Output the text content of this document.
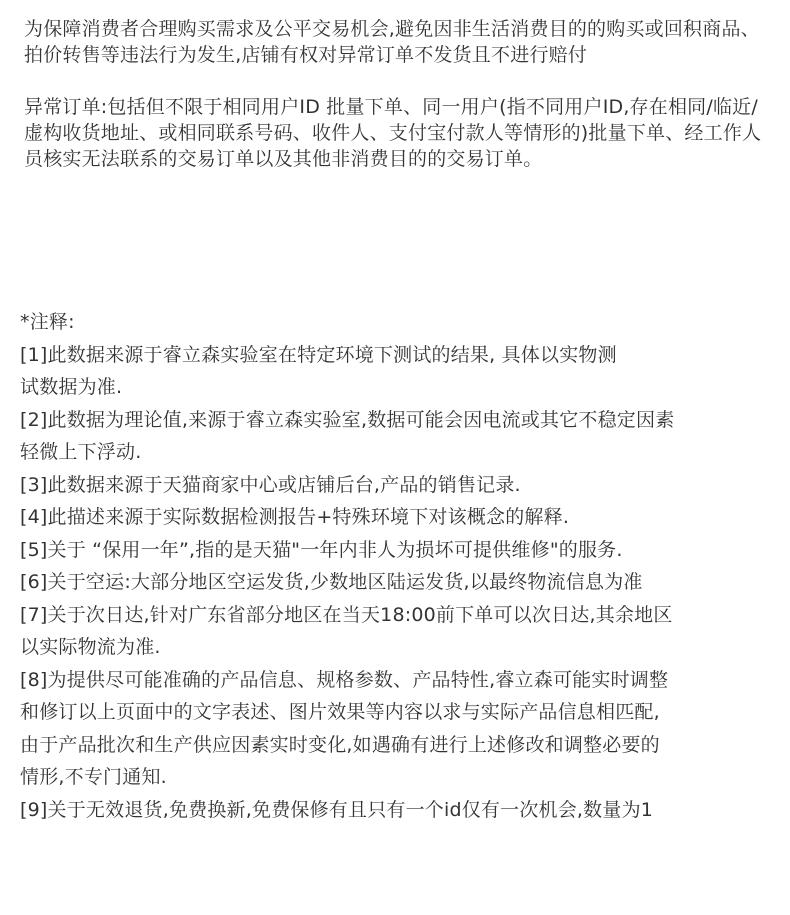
为保障消费者合理购买需求及公平交易机会,避免因非生活消费目的的购买或回积商品、拍价转售等违法行为发生,店铺有权对异常订单不发货且不进行赔付

异常订单:包括但不限于相同用户ID 批量下单、同一用户(指不同用户ID,存在相同/临近/虚构收货地址、或相同联系号码、收件人、支付宝付款人等情形的)批量下单、经工作人员核实无法联系的交易订单以及其他非消费目的的交易订单。

*注释:
[1]此数据来源于睿立森实验室在特定环境下测试的结果, 具体以实物测
试数据为准.
[2]此数据为理论值,来源于睿立森实验室,数据可能会因电流或其它不稳定因素
轻微上下浮动.
[3]此数据来源于天猫商家中心或店铺后台,产品的销售记录.
[4]此描述来源于实际数据检测报告+特殊环境下对该概念的解释.
[5]关于 “保用一年”,指的是天猫"一年内非人为损坏可提供维修"的服务.
[6]关于空运:大部分地区空运发货,少数地区陆运发货,以最终物流信息为准
[7]关于次日达,针对广东省部分地区在当天18:00前下单可以次日达,其余地区
以实际物流为准.
[8]为提供尽可能准确的产品信息、规格参数、产品特性,睿立森可能实时调整
和修订以上页面中的文字表述、图片效果等内容以求与实际产品信息相匹配,
由于产品批次和生产供应因素实时变化,如遇确有进行上述修改和调整必要的
情形,不专门通知.
[9]关于无效退货,免费换新,免费保修有且只有一个id仅有一次机会,数量为1
